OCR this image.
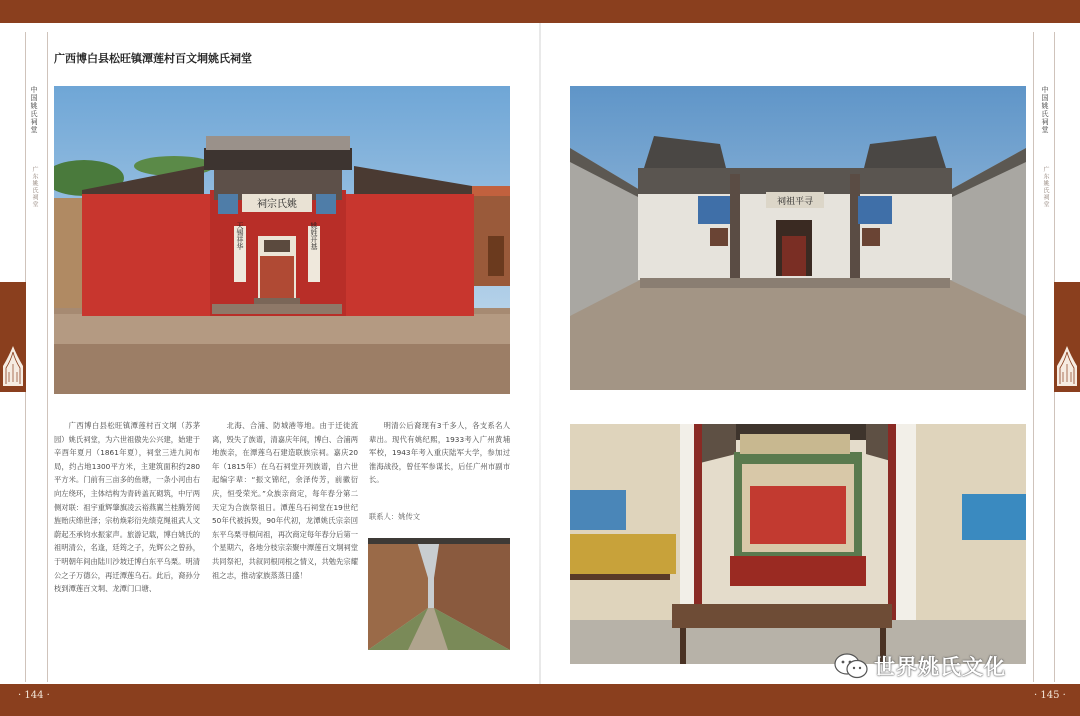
· 144 ·	· 145 ·
中国姚氏祠堂
广东姚氏祠堂
中国姚氏祠堂
广东姚氏祠堂
广西博白县松旺镇潭莲村百文垌姚氏祠堂
祠宗氏姚
天锡祥华	姚姓开基
祠祖平寻

广西博白县松旺镇潭莲村百文垌（苏茅园）姚氏祠堂，为六世祖傲先公兴建，始建于辛酉年夏月（1861年夏），祠堂三进九间布局，约占地1300平方米，主建筑面积约280平方米。门前有三亩多的鱼塘，一条小河由右向左绕环，主体结构为青砖盖瓦砌筑，中厅两侧对联：祖宇重辉肇旗凌云裕燕翼兰桂腾芳阅旌贻庆绵世泽；宗枋焕彩衍先绩克绳祖武人文蔚起丕承钧水振家声。旅游记载，博白姚氏的祖明清公，名逢，廷筠之子，先辉公之曾孙，于明朝年间由陆川沙坡迁博白东平乌栗。明清公之子万德公，再迁潭莲乌石。此后，裔孙分枝到潭莲百文垌、龙潭门口塘、

北海、合浦、防城港等地。由于迁徙流离，毁失了族谱，清嘉庆年间，博白、合浦两地族亲，在潭莲乌石建造联族宗祠。嘉庆20年（1815年）在乌石祠堂开列族谱，自六世起编字辈：“振文锦纪，余泽传芳，前徽衍庆，恒受荣光。”众族亲商定，每年春分第二天定为合族祭祖日。潭莲乌石祠堂在19世纪50年代被拆毁，90年代初，龙潭姚氏宗亲回东平乌栗寻根问祖，再次商定每年春分后第一个星期六，各地分枝宗亲聚中潭莲百文垌祠堂共同祭祀，共叙同根同根之情义，共勉先宗耀祖之志，推动家族蒸蒸日盛！

明清公后裔现有3千多人，各支系名人辈出。现代有姚纪熙，1933考入广州黄埔军校，1943年考入重庆陆军大学，参加过淮海战役，曾任军参谋长，后任广州市副市长。

联系人：姚传文
世界姚氏文化
